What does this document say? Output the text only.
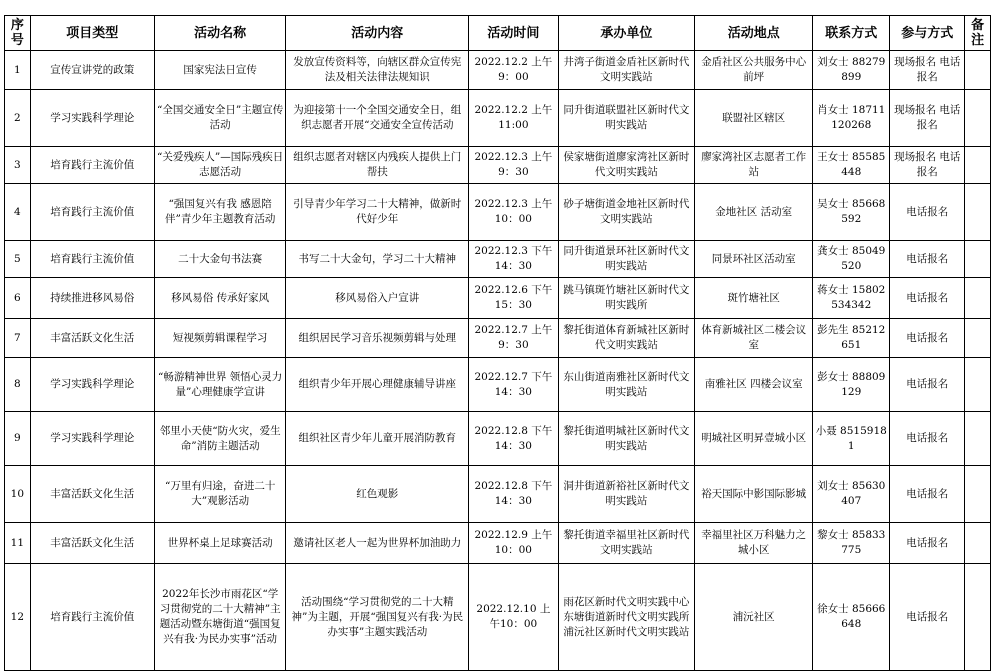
序号	项目类型	活动名称	活动内容	活动时间	承办单位	活动地点	联系方式	参与方式	备注
1	宣传宣讲党的政策	国家宪法日宣传	发放宣传资料等，向辖区群众宣传宪法及相关法律法规知识	2022.12.2 上午9：00	井湾子街道金盾社区新时代文明实践站	金盾社区公共服务中心前坪	刘女士 88279899	现场报名 电话报名	
2	学习实践科学理论	“全国交通安全日”主题宣传活动	为迎接第十一个全国交通安全日，组织志愿者开展“交通安全宣传活动	2022.12.2 上午11:00	同升街道联盟社区新时代文明实践站	联盟社区辖区	肖女士 18711120268	现场报名 电话报名	
3	培育践行主流价值	“关爱残疾人”—国际残疾日志愿活动	组织志愿者对辖区内残疾人提供上门帮扶	2022.12.3 上午9：30	侯家塘街道廖家湾社区新时代文明实践站	廖家湾社区志愿者工作站	王女士 85585448	现场报名 电话报名	
4	培育践行主流价值	“强国复兴有我 感恩陪伴”青少年主题教育活动	引导青少年学习二十大精神，做新时代好少年	2022.12.3 上午10：00	砂子塘街道金地社区新时代文明实践站	金地社区 活动室	吴女士 85668592	电话报名	
5	培育践行主流价值	二十大金句书法赛	书写二十大金句，学习二十大精神	2022.12.3 下午14：30	同升街道景环社区新时代文明实践站	同景环社区活动室	龚女士 85049520	电话报名	
6	持续推进移风易俗	移风易俗 传承好家风	移风易俗入户宣讲	2022.12.6 下午15：30	跳马镇斑竹塘社区新时代文明实践所	斑竹塘社区	蒋女士 15802534342	电话报名	
7	丰富活跃文化生活	短视频剪辑课程学习	组织居民学习音乐视频剪辑与处理	2022.12.7 上午9：30	黎托街道体育新城社区新时代文明实践站	体育新城社区二楼会议室	彭先生 85212651	电话报名	
8	学习实践科学理论	“畅游精神世界 领悟心灵力量”心理健康学宣讲	组织青少年开展心理健康辅导讲座	2022.12.7 下午14：30	东山街道南雅社区新时代文明实践站	南雅社区 四楼会议室	彭女士 88809129	电话报名	
9	学习实践科学理论	邻里小天使“防火灾，爱生命”消防主题活动	组织社区青少年儿童开展消防教育	2022.12.8 下午14：30	黎托街道明城社区新时代文明实践站	明城社区明昇壹城小区	小聂 85159181	电话报名	
10	丰富活跃文化生活	“万里有归途，奋进二十大”观影活动	红色观影	2022.12.8 下午14：30	洞井街道新裕社区新时代文明实践站	裕天国际中影国际影城	刘女士 85630407	电话报名	
11	丰富活跃文化生活	世界杯桌上足球赛活动	邀请社区老人一起为世界杯加油助力	2022.12.9 上午10：00	黎托街道幸福里社区新时代文明实践站	幸福里社区万科魅力之城小区	黎女士 85833775	电话报名	
12	培育践行主流价值	2022年长沙市雨花区“学习贯彻党的二十大精神”主题活动暨东塘街道“强国复兴有我·为民办实事”活动	活动围绕“学习贯彻党的二十大精神”为主题，开展“强国复兴有我·为民办实事”主题实践活动	2022.12.10 上午10：00	雨花区新时代文明实践中心 东塘街道新时代文明实践所 浦沅社区新时代文明实践站	浦沅社区	徐女士 85666648	电话报名	
